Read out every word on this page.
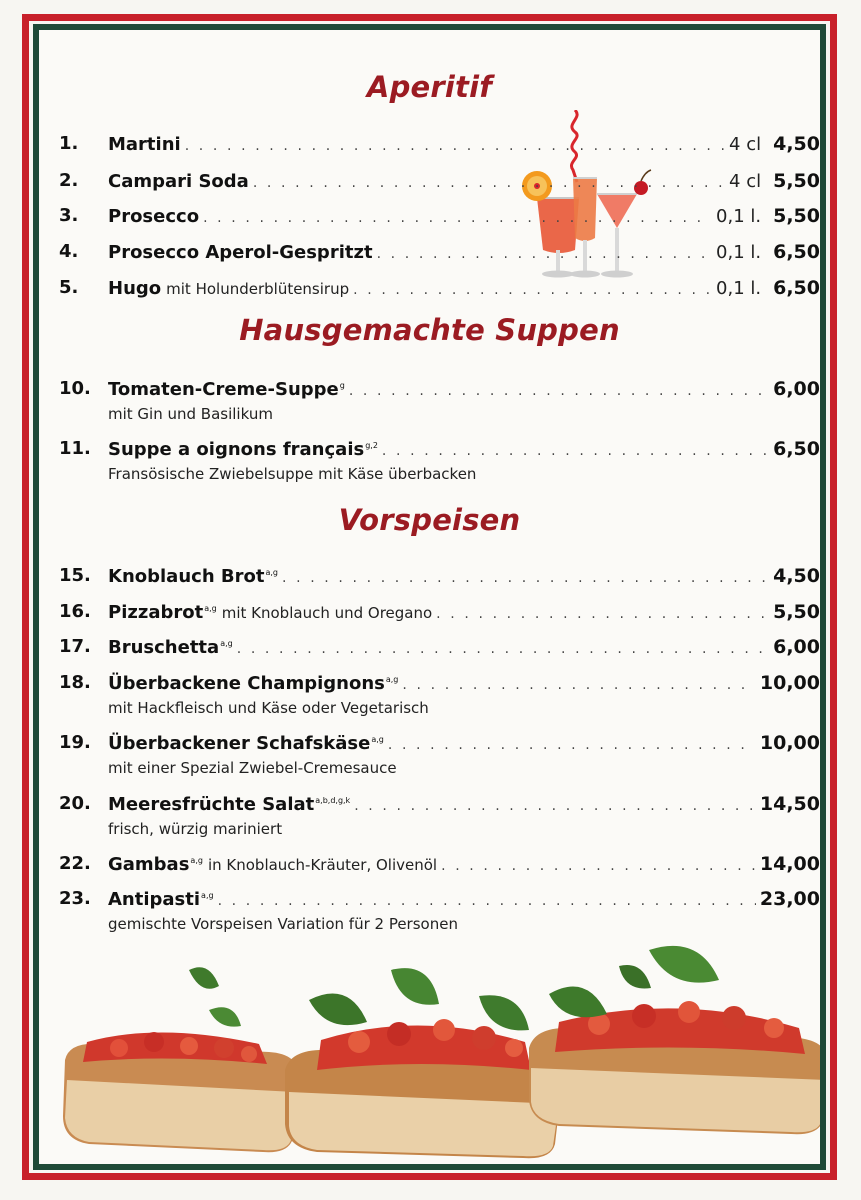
Aperitif
1. Martini . . .	4 cl 4,50
2. Campari Soda . . .	4 cl 5,50
3. Prosecco . . .	0,1 l. 5,50
4. Prosecco Aperol-Gespritzt . . .	0,1 l. 6,50
5. Hugo mit Holunderblütensirup . . .	0,1 l. 6,50
Hausgemachte Suppen
10. Tomaten-Creme-Suppe$^g$ . . .	6,00
mit Gin und Basilikum
11. Suppe a oignons français$^{g,2}$ . . .	6,50
Fransösische Zwiebelsuppe mit Käse überbacken
Vorspeisen
15. Knoblauch Brot$^{a,g}$ . . .	4,50
16. Pizzabrot$^{a,g}$ mit Knoblauch und Oregano . . .	5,50
17. Bruschetta$^{a,g}$ . . .	6,00
18. Überbackene Champignons$^{a,g}$ . . .	10,00
mit Hackfleisch und Käse oder Vegetarisch
19. Überbackener Schafskäse$^{a,g}$ . . .	10,00
mit einer Spezial Zwiebel-Cremesauce
20. Meeresfrüchte Salat$^{a,b,d,g,k}$ . . .	14,50
frisch, würzig mariniert
22. Gambas$^{a,g}$ in Knoblauch-Kräuter, Olivenöl . . .	14,00
23. Antipasti$^{a,g}$ . . .	23,00
gemischte Vorspeisen Variation für 2 Personen
